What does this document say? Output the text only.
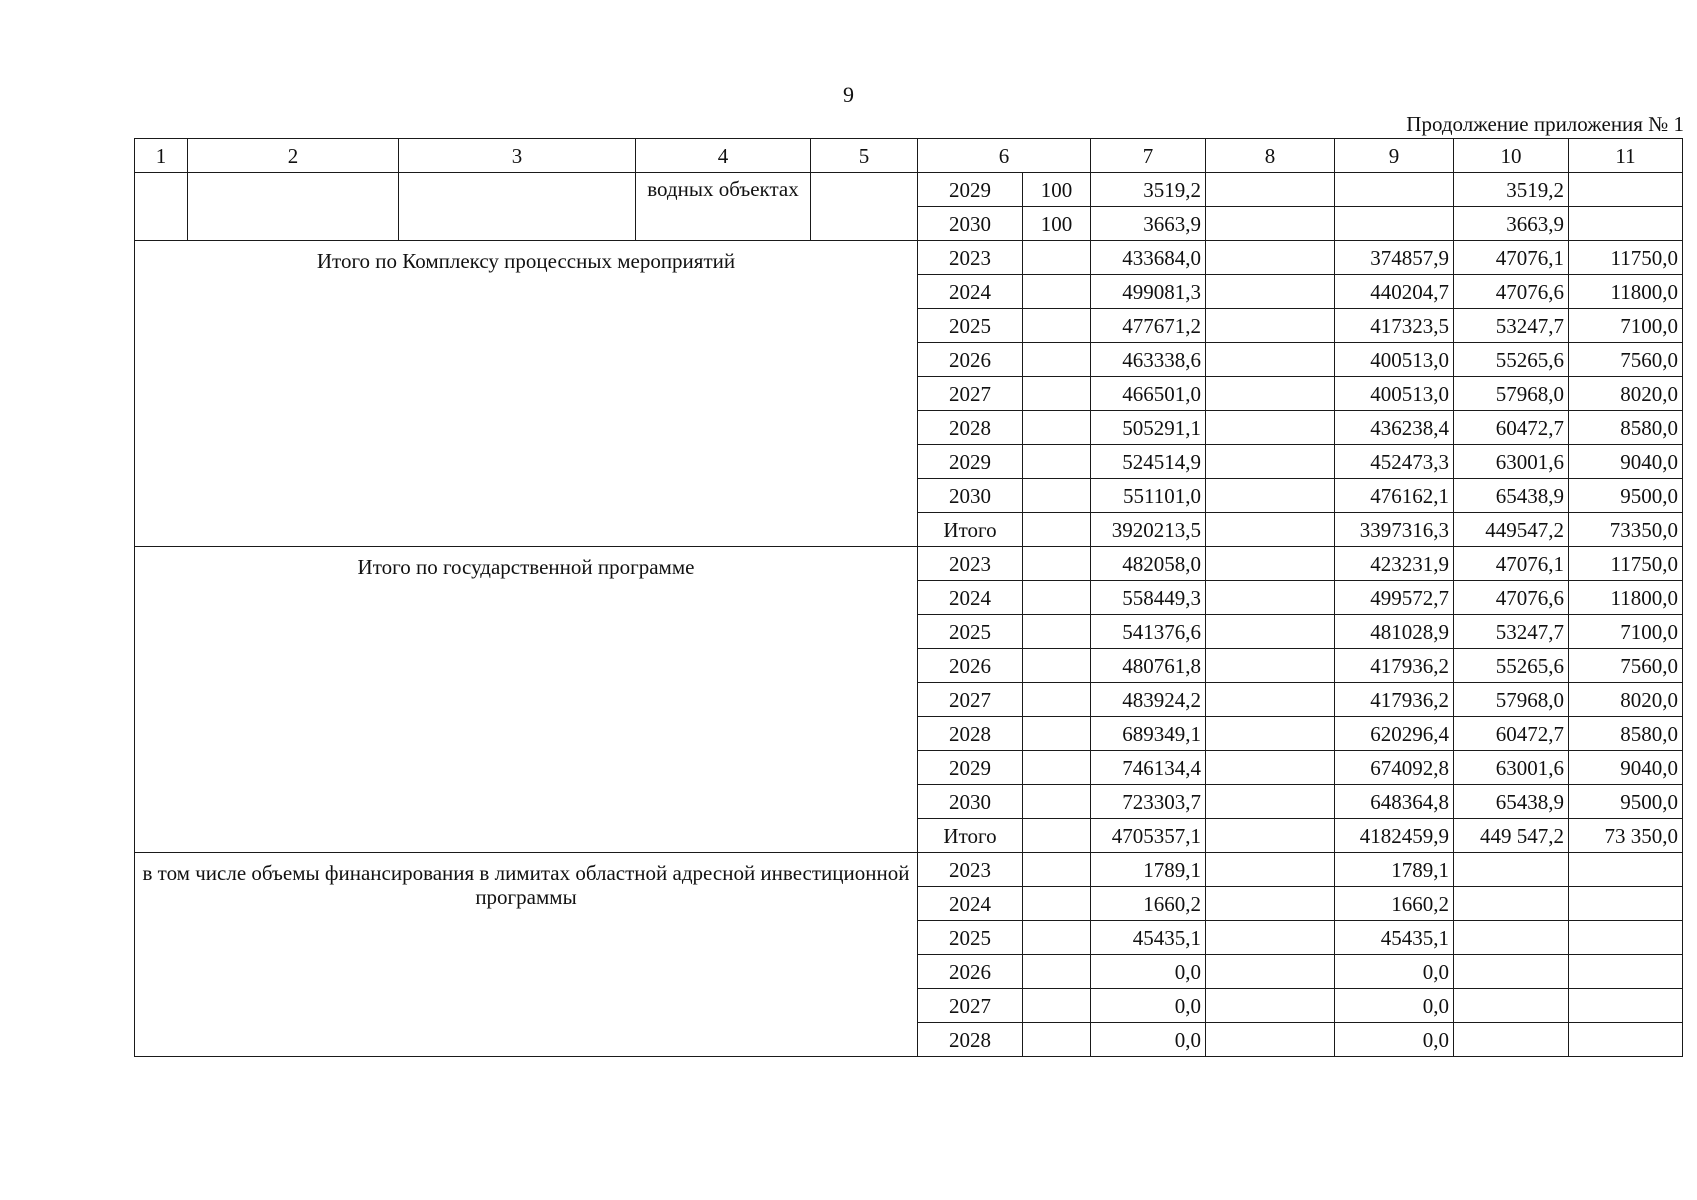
9
Продолжение приложения № 1
1	2	3	4	5	6		7	8	9	10	11
			водных объектах		2029	100	3519,2			3519,2	
					2030	100	3663,9			3663,9	
Итого по Комплексу процессных мероприятий					2023		433684,0		374857,9	47076,1	11750,0
					2024		499081,3		440204,7	47076,6	11800,0
					2025		477671,2		417323,5	53247,7	7100,0
					2026		463338,6		400513,0	55265,6	7560,0
					2027		466501,0		400513,0	57968,0	8020,0
					2028		505291,1		436238,4	60472,7	8580,0
					2029		524514,9		452473,3	63001,6	9040,0
					2030		551101,0		476162,1	65438,9	9500,0
					Итого		3920213,5		3397316,3	449547,2	73350,0
Итого по государственной программе					2023		482058,0		423231,9	47076,1	11750,0
					2024		558449,3		499572,7	47076,6	11800,0
					2025		541376,6		481028,9	53247,7	7100,0
					2026		480761,8		417936,2	55265,6	7560,0
					2027		483924,2		417936,2	57968,0	8020,0
					2028		689349,1		620296,4	60472,7	8580,0
					2029		746134,4		674092,8	63001,6	9040,0
					2030		723303,7		648364,8	65438,9	9500,0
					Итого		4705357,1		4182459,9	449 547,2	73 350,0
в том числе объемы финансирования в лимитах областной адресной инвестиционной программы					2023		1789,1		1789,1		
					2024		1660,2		1660,2		
					2025		45435,1		45435,1		
					2026		0,0		0,0		
					2027		0,0		0,0		
					2028		0,0		0,0		
